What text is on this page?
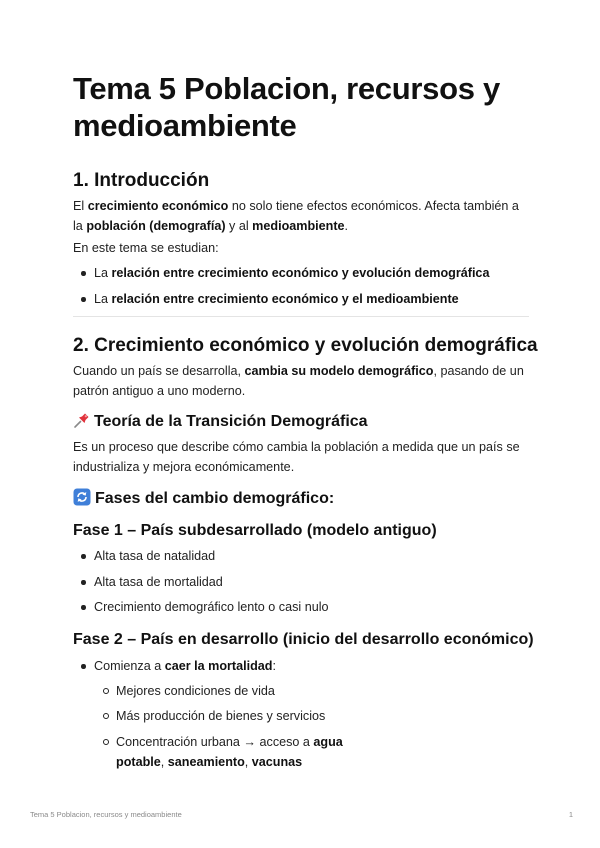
Tema 5 Poblacion, recursos y medioambiente
1. Introducción

El crecimiento económico no solo tiene efectos económicos. Afecta también a la población (demografía) y al medioambiente.

En este tema se estudian:

La relación entre crecimiento económico y evolución demográfica
La relación entre crecimiento económico y el medioambiente
2. Crecimiento económico y evolución demográfica

Cuando un país se desarrolla, cambia su modelo demográfico, pasando de un patrón antiguo a uno moderno.

Teoría de la Transición Demográfica

Es un proceso que describe cómo cambia la población a medida que un país se industrializa y mejora económicamente.

Fases del cambio demográfico:
Fase 1 – País subdesarrollado (modelo antiguo)
Alta tasa de natalidad
Alta tasa de mortalidad
Crecimiento demográfico lento o casi nulo
Fase 2 – País en desarrollo (inicio del desarrollo económico)
Comienza a caer la mortalidad:
Mejores condiciones de vida
Más producción de bienes y servicios
Concentración urbana → acceso a agua
potable, saneamiento, vacunas
Tema 5 Poblacion, recursos y medioambiente	1
